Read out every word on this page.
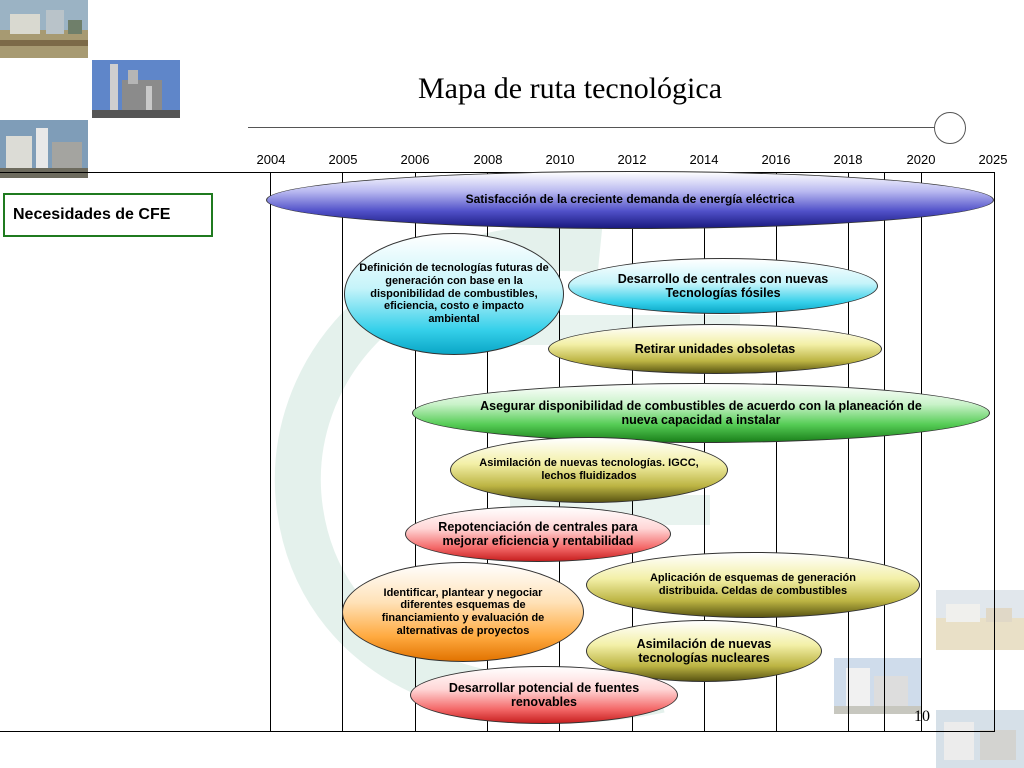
Mapa de ruta tecnológica
2004	2005	2006	2008	2010	2012	2014	2016	2018	2020	2025
Necesidades de CFE
Satisfacción de la creciente demanda de energía eléctrica
Definición de tecnologías futuras de generación con base en la disponibilidad de combustibles, eficiencia, costo e impacto ambiental
Desarrollo de centrales con nuevas Tecnologías fósiles
Retirar unidades obsoletas
Asegurar disponibilidad de combustibles de acuerdo con la planeación de nueva capacidad a instalar
Asimilación de nuevas tecnologías. IGCC, lechos fluidizados
Repotenciación de centrales para mejorar eficiencia y rentabilidad
Aplicación de esquemas de generación distribuida. Celdas de combustibles
Identificar, plantear y negociar diferentes esquemas de financiamiento y evaluación de alternativas de proyectos
Asimilación de nuevas tecnologías nucleares
Desarrollar potencial de fuentes renovables
10
